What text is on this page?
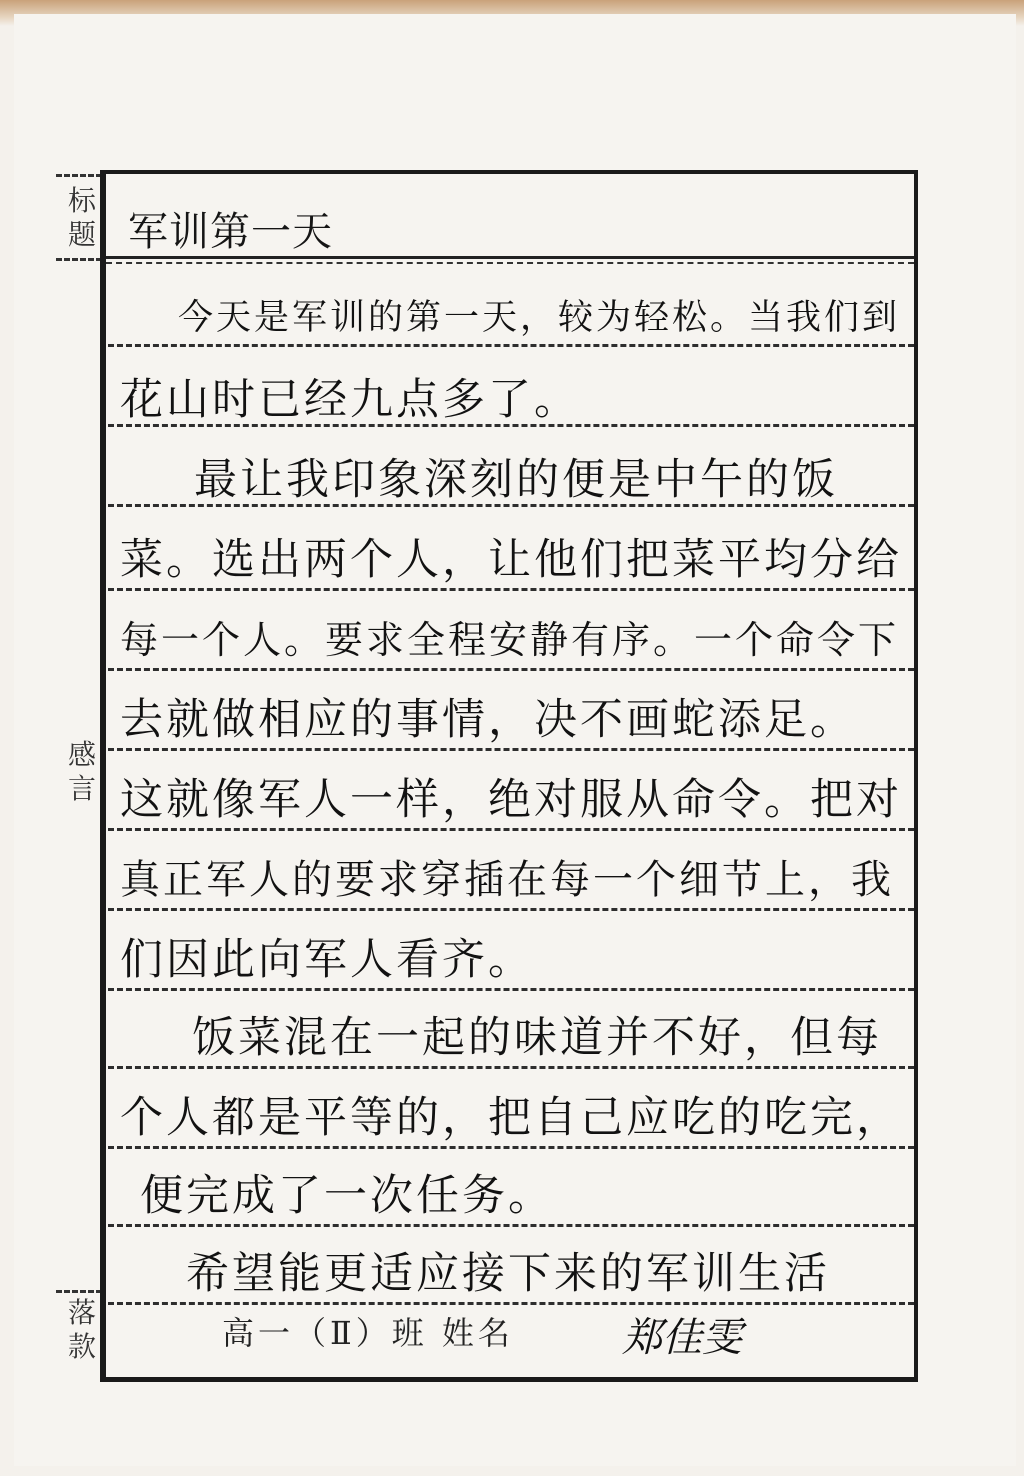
标
题
感
言
落
款
军训第一天
今天是军训的第一天，较为轻松。当我们到
花山时已经九点多了。
最让我印象深刻的便是中午的饭
菜。选出两个人，让他们把菜平均分给
每一个人。要求全程安静有序。一个命令下
去就做相应的事情，决不画蛇添足。
这就像军人一样，绝对服从命令。把对
真正军人的要求穿插在每一个细节上，我
们因此向军人看齐。
饭菜混在一起的味道并不好，但每
个人都是平等的，把自己应吃的吃完，
便完成了一次任务。
希望能更适应接下来的军训生活
高一（Ⅱ）班 姓名	郑佳雯
